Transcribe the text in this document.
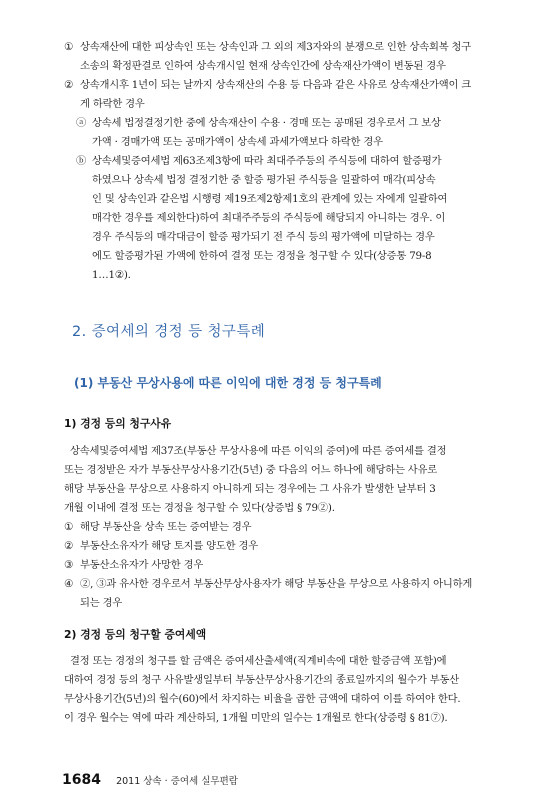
① 상속재산에 대한 피상속인 또는 상속인과 그 외의 제3자와의 분쟁으로 인한 상속회복 청구
소송의 확정판결로 인하여 상속개시일 현재 상속인간에 상속재산가액이 변동된 경우
② 상속개시후 1년이 되는 날까지 상속재산의 수용 등 다음과 같은 사유로 상속재산가액이 크
게 하락한 경우
ⓐ 상속세 법정결정기한 중에 상속재산이 수용 · 경매 또는 공매된 경우로서 그 보상
가액 · 경매가액 또는 공매가액이 상속세 과세가액보다 하락한 경우
ⓑ 상속세및증여세법 제63조제3항에 따라 최대주주등의 주식등에 대하여 할증평가
하였으나 상속세 법정 결정기한 중 할증 평가된 주식등을 일괄하여 매각(피상속
인 및 상속인과 같은법 시행령 제19조제2항제1호의 관계에 있는 자에게 일괄하여
매각한 경우를 제외한다)하여 최대주주등의 주식등에 해당되지 아니하는 경우. 이
경우 주식등의 매각대금이 할증 평가되기 전 주식 등의 평가액에 미달하는 경우
에도 할증평가된 가액에 한하여 결정 또는 경정을 청구할 수 있다(상증통 79-8
1…1②).
2. 증여세의 경정 등 청구특례
(1) 부동산 무상사용에 따른 이익에 대한 경정 등 청구특례
1) 경정 등의 청구사유
상속세및증여세법 제37조(부동산 무상사용에 따른 이익의 증여)에 따른 증여세를 결정
또는 경정받은 자가 부동산무상사용기간(5년) 중 다음의 어느 하나에 해당하는 사유로
해당 부동산을 무상으로 사용하지 아니하게 되는 경우에는 그 사유가 발생한 날부터 3
개월 이내에 결정 또는 경정을 청구할 수 있다(상증법 § 79②).
① 해당 부동산을 상속 또는 증여받는 경우
② 부동산소유자가 해당 토지를 양도한 경우
③ 부동산소유자가 사망한 경우
④ ②, ③과 유사한 경우로서 부동산무상사용자가 해당 부동산을 무상으로 사용하지 아니하게
되는 경우
2) 경정 등의 청구할 증여세액
결정 또는 경정의 청구를 할 금액은 증여세산출세액(직계비속에 대한 할증금액 포함)에
대하여 경정 등의 청구 사유발생일부터 부동산무상사용기간의 종료일까지의 월수가 부동산
무상사용기간(5년)의 월수(60)에서 차지하는 비율을 곱한 금액에 대하여 이를 하여야 한다.
이 경우 월수는 역에 따라 계산하되, 1개월 미만의 일수는 1개월로 한다(상증령 § 81⑦).
1684 2011 상속 · 증여세 실무편람
